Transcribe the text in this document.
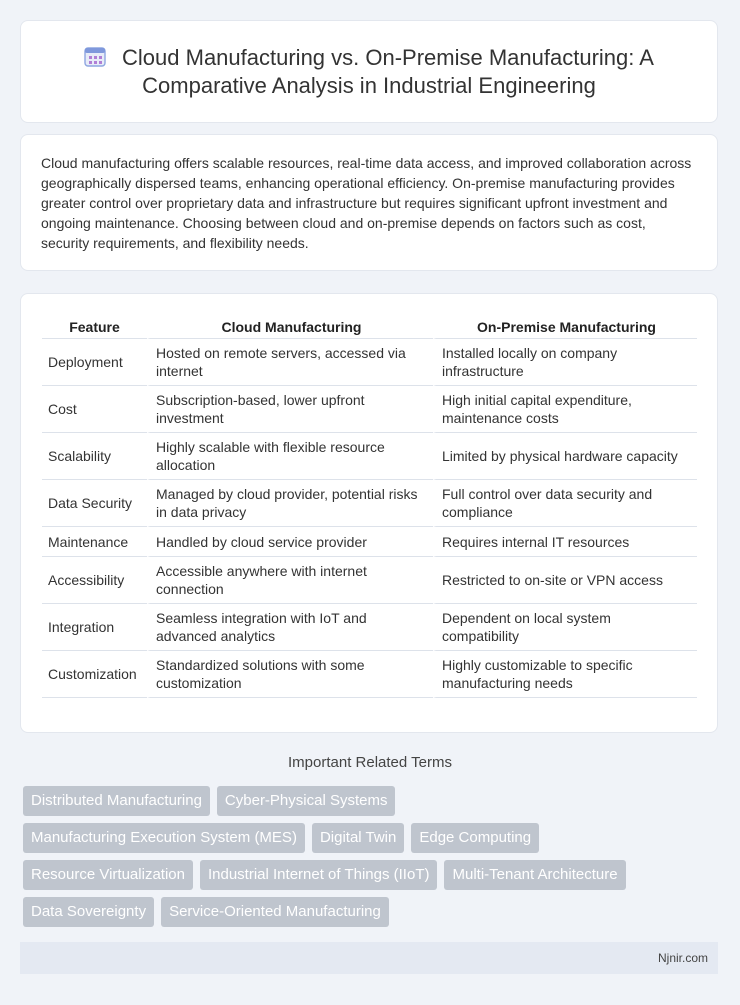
Cloud Manufacturing vs. On-Premise Manufacturing: A Comparative Analysis in Industrial Engineering
Cloud manufacturing offers scalable resources, real-time data access, and improved collaboration across geographically dispersed teams, enhancing operational efficiency. On-premise manufacturing provides greater control over proprietary data and infrastructure but requires significant upfront investment and ongoing maintenance. Choosing between cloud and on-premise depends on factors such as cost, security requirements, and flexibility needs.
Feature	Cloud Manufacturing	On-Premise Manufacturing
Deployment	Hosted on remote servers, accessed via internet	Installed locally on company infrastructure
Cost	Subscription-based, lower upfront investment	High initial capital expenditure, maintenance costs
Scalability	Highly scalable with flexible resource allocation	Limited by physical hardware capacity
Data Security	Managed by cloud provider, potential risks in data privacy	Full control over data security and compliance
Maintenance	Handled by cloud service provider	Requires internal IT resources
Accessibility	Accessible anywhere with internet connection	Restricted to on-site or VPN access
Integration	Seamless integration with IoT and advanced analytics	Dependent on local system compatibility
Customization	Standardized solutions with some customization	Highly customizable to specific manufacturing needs
Important Related Terms
Distributed Manufacturing	Cyber-Physical Systems
Manufacturing Execution System (MES)	Digital Twin	Edge Computing
Resource Virtualization	Industrial Internet of Things (IIoT)	Multi-Tenant Architecture
Data Sovereignty	Service-Oriented Manufacturing
Njnir.com
